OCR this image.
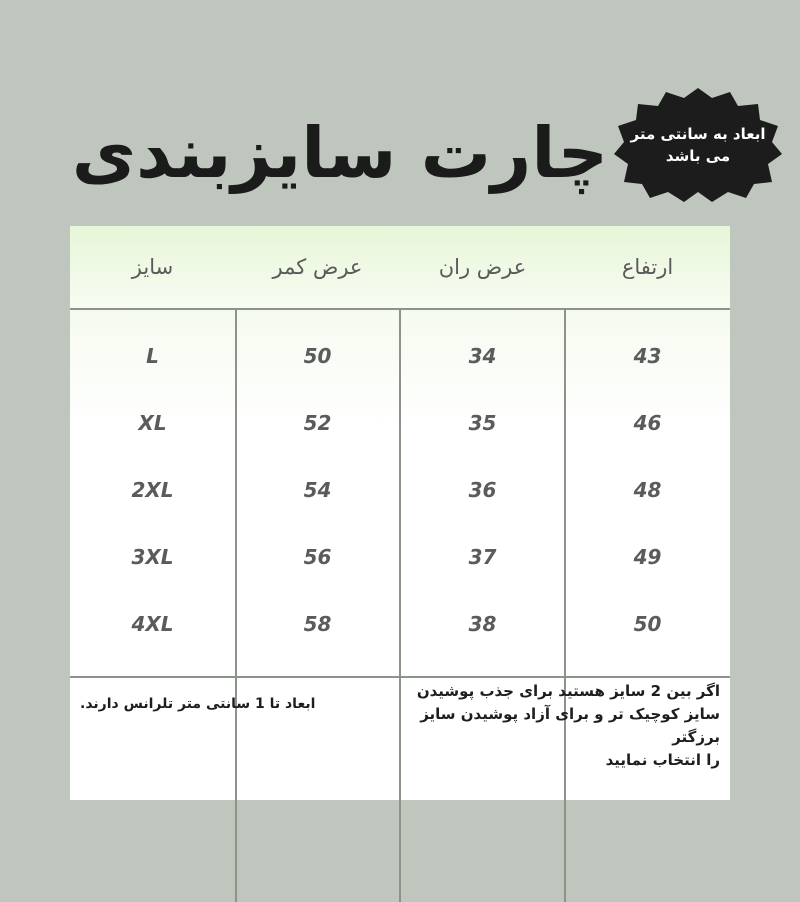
چارت سایزبندی	ابعاد به سانتی متر
می باشد
ارتفاع
عرض ران
عرض کمر
سایز
43
34
50
L
46
35
52
XL
48
36
54
2XL
49
37
56
3XL
50
38
58
4XL
اگر بین 2 سایز هستید برای جذب پوشیدن
سایز کوچیک تر و برای آزاد پوشیدن سایز برزگتر
را انتخاب نمایید
ابعاد تا 1 سانتی متر تلرانس دارند.
